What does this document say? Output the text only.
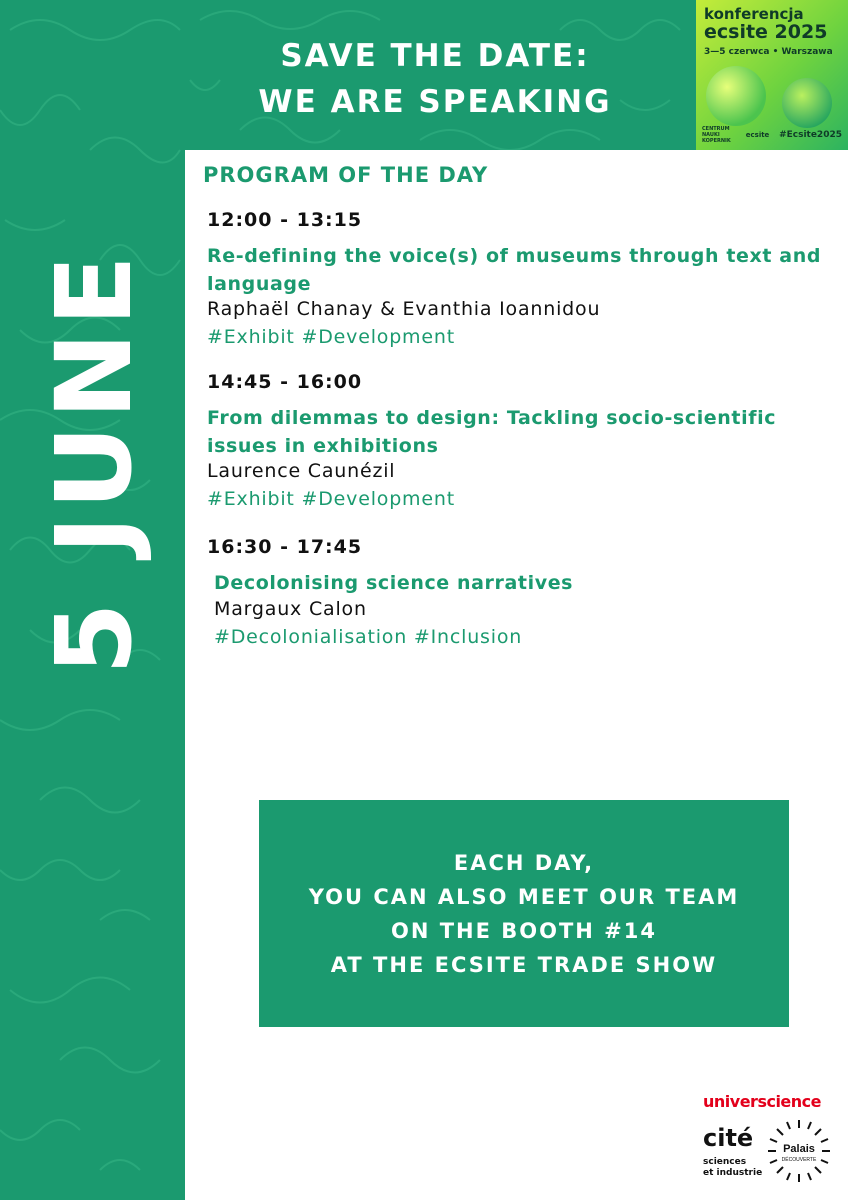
5 JUNE
SAVE THE DATE:
WE ARE SPEAKING
konferencja
ecsite 2025
3—5 czerwca • Warszawa
CENTRUM NAUKI KOPERNIK
ecsite #Ecsite2025
PROGRAM OF THE DAY
12:00 - 13:15
Re-defining the voice(s) of museums through text and language
Raphaël Chanay & Evanthia Ioannidou
#Exhibit #Development
14:45 - 16:00
From dilemmas to design: Tackling socio-scientific issues in exhibitions
Laurence Caunézil
#Exhibit #Development
16:30 - 17:45
Decolonising science narratives
Margaux Calon
#Decolonialisation #Inclusion
EACH DAY,
YOU CAN ALSO MEET OUR TEAM
ON THE BOOTH #14
AT THE ECSITE TRADE SHOW
universcience
cité
sciences
et industrie
Palais
DÉCOUVERTE
